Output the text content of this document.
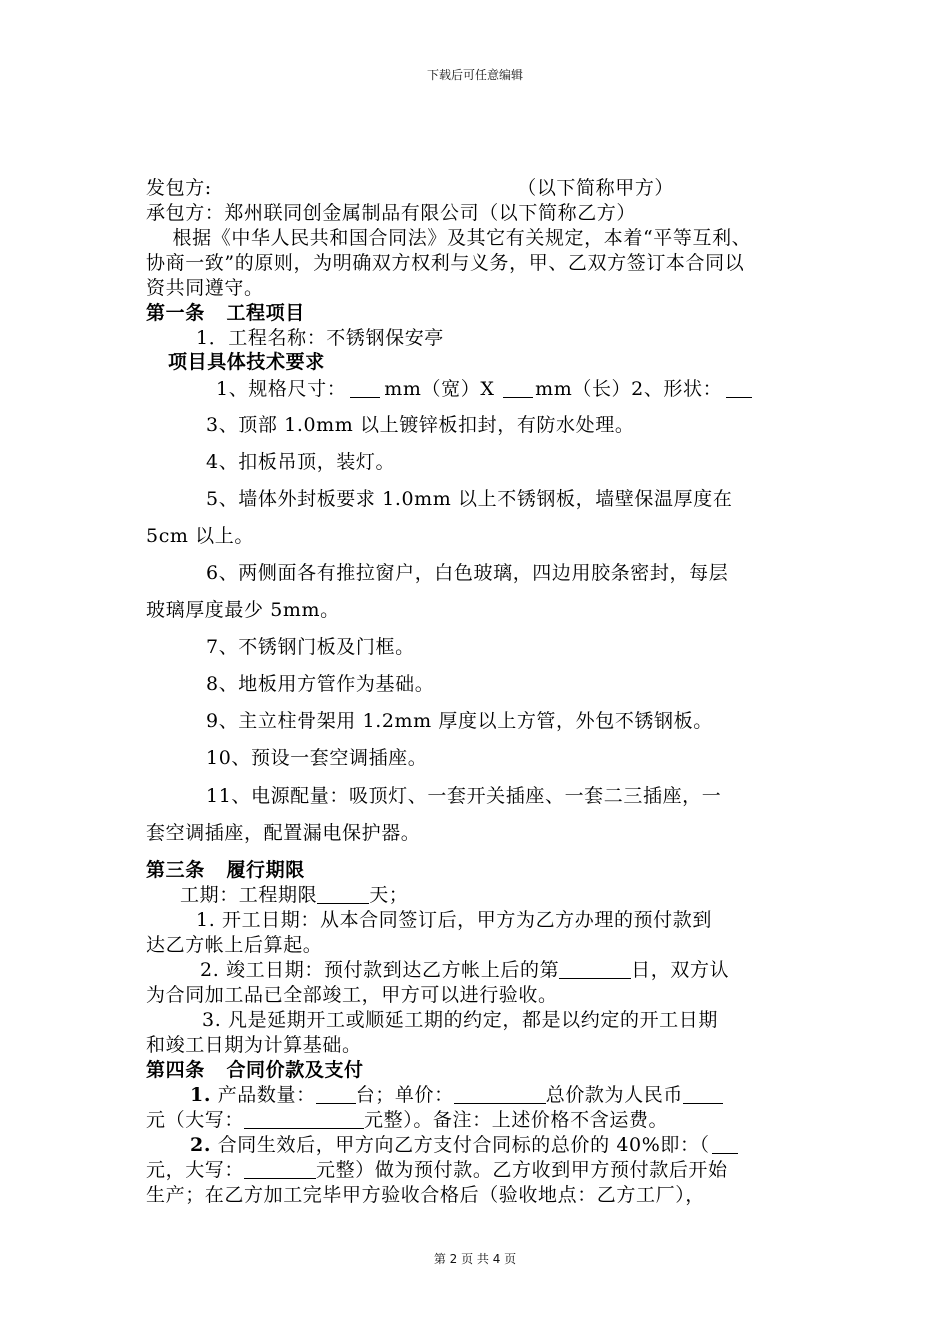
下载后可任意编辑
发包方:                                              （以下简称甲方）
承包方：郑州联同创金属制品有限公司（以下简称乙方）
根据《中华人民共和国合同法》及其它有关规定，本着“平等互利、
协商一致”的原则，为明确双方权利与义务，甲、乙双方签订本合同以
资共同遵守。
第一条   工程项目
1．工程名称：不锈钢保安亭
项目具体技术要求
1、规格尺寸： mm（宽）X mm（长）2、形状：
3、顶部 1.0mm 以上镀锌板扣封，有防水处理。
4、扣板吊顶，装灯。
5、墙体外封板要求 1.0mm 以上不锈钢板，墙壁保温厚度在
5cm 以上。
6、两侧面各有推拉窗户，白色玻璃，四边用胶条密封，每层
玻璃厚度最少 5mm。
7、不锈钢门板及门框。
8、地板用方管作为基础。
9、主立柱骨架用 1.2mm 厚度以上方管，外包不锈钢板。
10、预设一套空调插座。
11、电源配量：吸顶灯、一套开关插座、一套二三插座，一
套空调插座，配置漏电保护器。
第三条   履行期限
工期：工程期限	天；
1. 开工日期：从本合同签订后，甲方为乙方办理的预付款到
达乙方帐上后算起。
2. 竣工日期：预付款到达乙方帐上后的第	日，双方认
为合同加工品已全部竣工，甲方可以进行验收。
3. 凡是延期开工或顺延工期的约定，都是以约定的开工日期
和竣工日期为计算基础。
第四条   合同价款及支付
1. 产品数量： 台；单价：	总价款为人民币
元（大写：	元整）。备注：上述价格不含运费。
2. 合同生效后，甲方向乙方支付合同标的总价的 40%即：（
元，大写：	元整）做为预付款。乙方收到甲方预付款后开始
生产；在乙方加工完毕甲方验收合格后（验收地点：乙方工厂），
第 2 页 共 4 页
